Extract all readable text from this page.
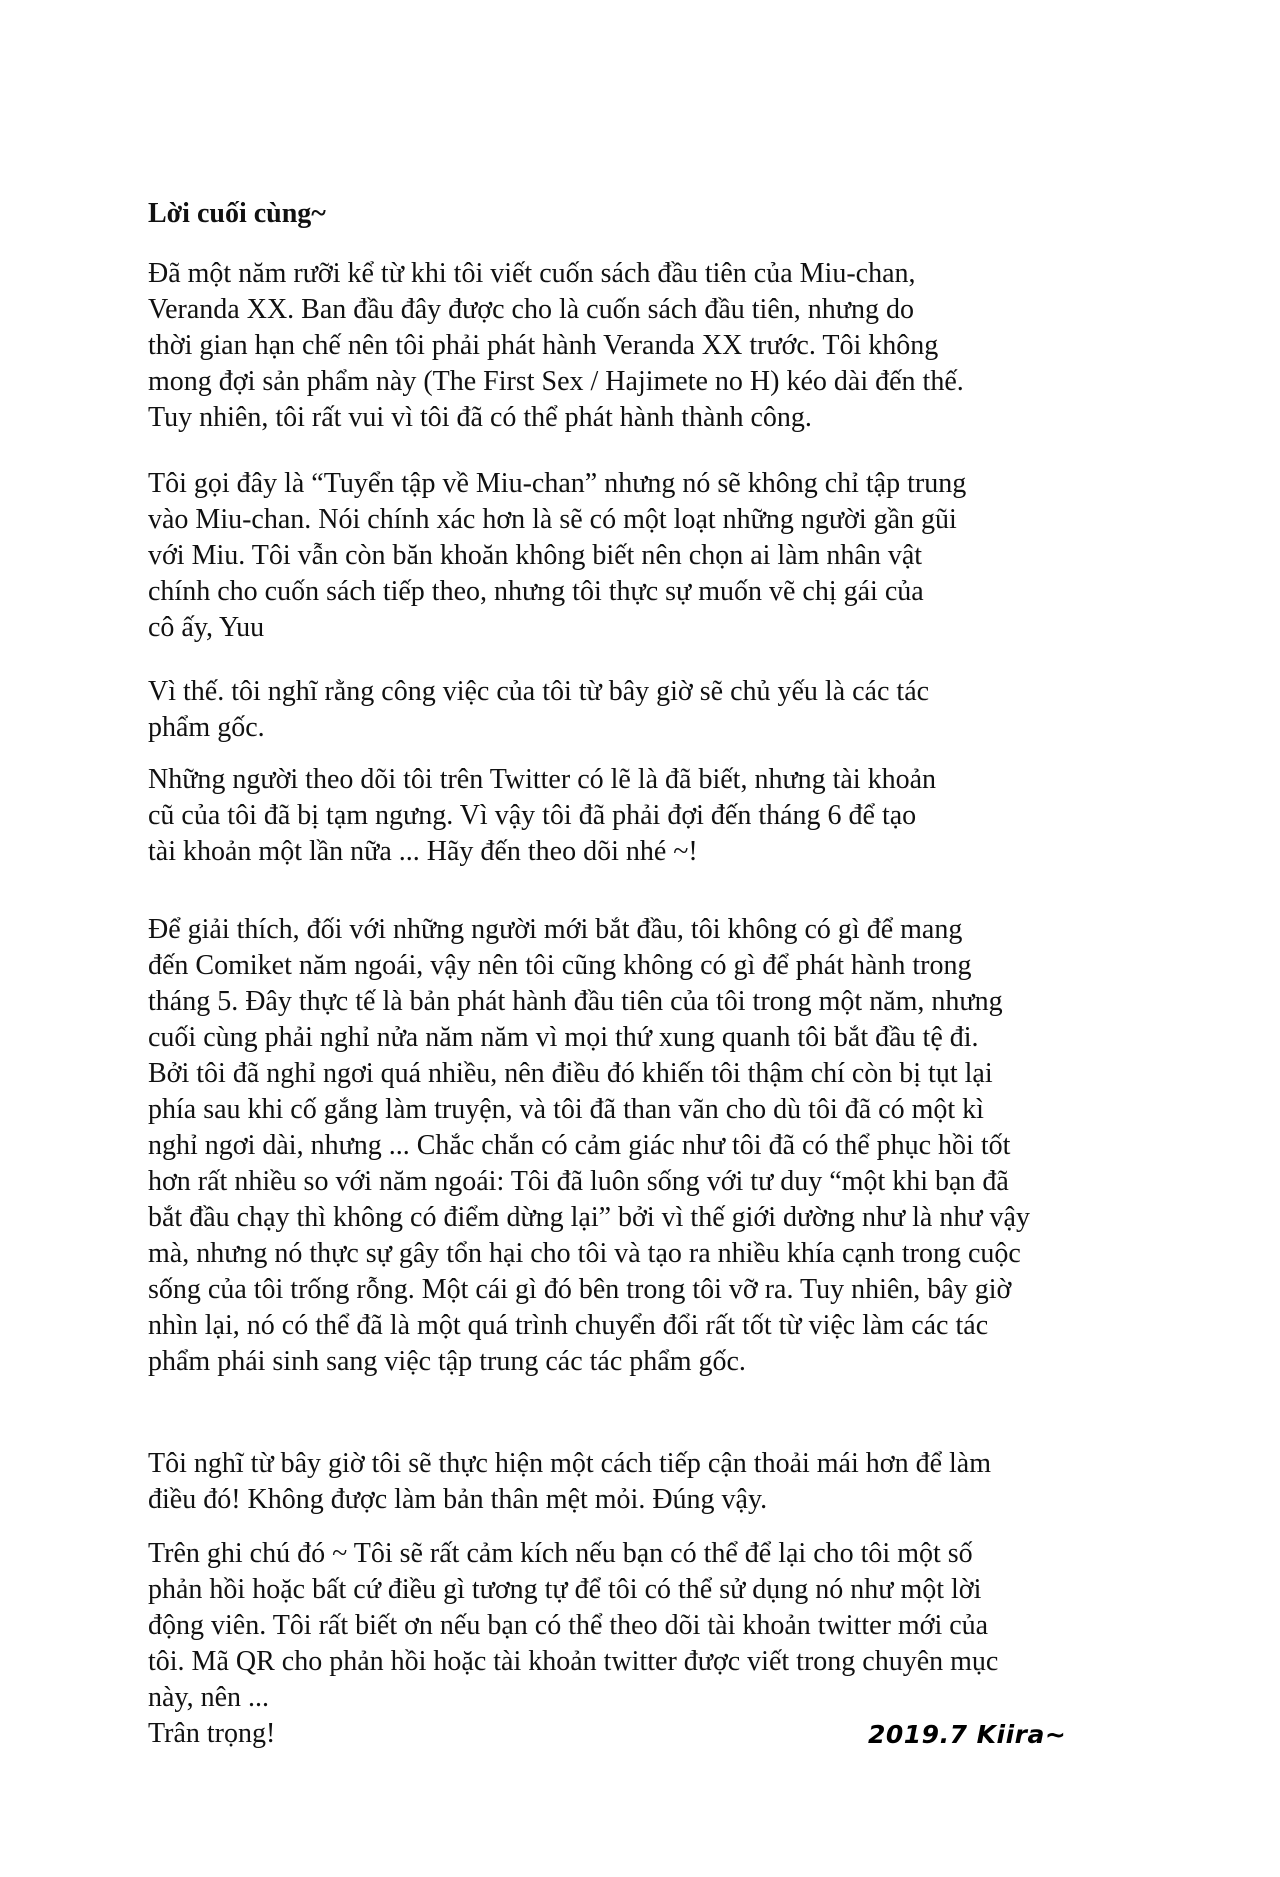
Lời cuối cùng~

Đã một năm rưỡi kể từ khi tôi viết cuốn sách đầu tiên của Miu-chan,
Veranda XX. Ban đầu đây được cho là cuốn sách đầu tiên, nhưng do
thời gian hạn chế nên tôi phải phát hành Veranda XX trước. Tôi không
mong đợi sản phẩm này (The First Sex / Hajimete no H) kéo dài đến thế.
Tuy nhiên, tôi rất vui vì tôi đã có thể phát hành thành công.

Tôi gọi đây là “Tuyển tập về Miu-chan” nhưng nó sẽ không chỉ tập trung
vào Miu-chan. Nói chính xác hơn là sẽ có một loạt những người gần gũi
với Miu. Tôi vẫn còn băn khoăn không biết nên chọn ai làm nhân vật
chính cho cuốn sách tiếp theo, nhưng tôi thực sự muốn vẽ chị gái của
cô ấy, Yuu

Vì thế. tôi nghĩ rằng công việc của tôi từ bây giờ sẽ chủ yếu là các tác
phẩm gốc.

Những người theo dõi tôi trên Twitter có lẽ là đã biết, nhưng tài khoản
cũ của tôi đã bị tạm ngưng. Vì vậy tôi đã phải đợi đến tháng 6 để tạo
tài khoản một lần nữa ... Hãy đến theo dõi nhé ~!

Để giải thích, đối với những người mới bắt đầu, tôi không có gì để mang
đến Comiket năm ngoái, vậy nên tôi cũng không có gì để phát hành trong
tháng 5. Đây thực tế là bản phát hành đầu tiên của tôi trong một năm, nhưng
cuối cùng phải nghỉ nửa năm năm vì mọi thứ xung quanh tôi bắt đầu tệ đi.
Bởi tôi đã nghỉ ngơi quá nhiều, nên điều đó khiến tôi thậm chí còn bị tụt lại
phía sau khi cố gắng làm truyện, và tôi đã than vãn cho dù tôi đã có một kì
nghỉ ngơi dài, nhưng ... Chắc chắn có cảm giác như tôi đã có thể phục hồi tốt
hơn rất nhiều so với năm ngoái: Tôi đã luôn sống với tư duy “một khi bạn đã
bắt đầu chạy thì không có điểm dừng lại” bởi vì thế giới dường như là như vậy
mà, nhưng nó thực sự gây tổn hại cho tôi và tạo ra nhiều khía cạnh trong cuộc
sống của tôi trống rỗng. Một cái gì đó bên trong tôi vỡ ra. Tuy nhiên, bây giờ
nhìn lại, nó có thể đã là một quá trình chuyển đổi rất tốt từ việc làm các tác
phẩm phái sinh sang việc tập trung các tác phẩm gốc.

Tôi nghĩ từ bây giờ tôi sẽ thực hiện một cách tiếp cận thoải mái hơn để làm
điều đó! Không được làm bản thân mệt mỏi. Đúng vậy.

Trên ghi chú đó ~ Tôi sẽ rất cảm kích nếu bạn có thể để lại cho tôi một số
phản hồi hoặc bất cứ điều gì tương tự để tôi có thể sử dụng nó như một lời
động viên. Tôi rất biết ơn nếu bạn có thể theo dõi tài khoản twitter mới của
tôi. Mã QR cho phản hồi hoặc tài khoản twitter được viết trong chuyên mục
này, nên ...
Trân trọng!	2019.7 Kiira~
